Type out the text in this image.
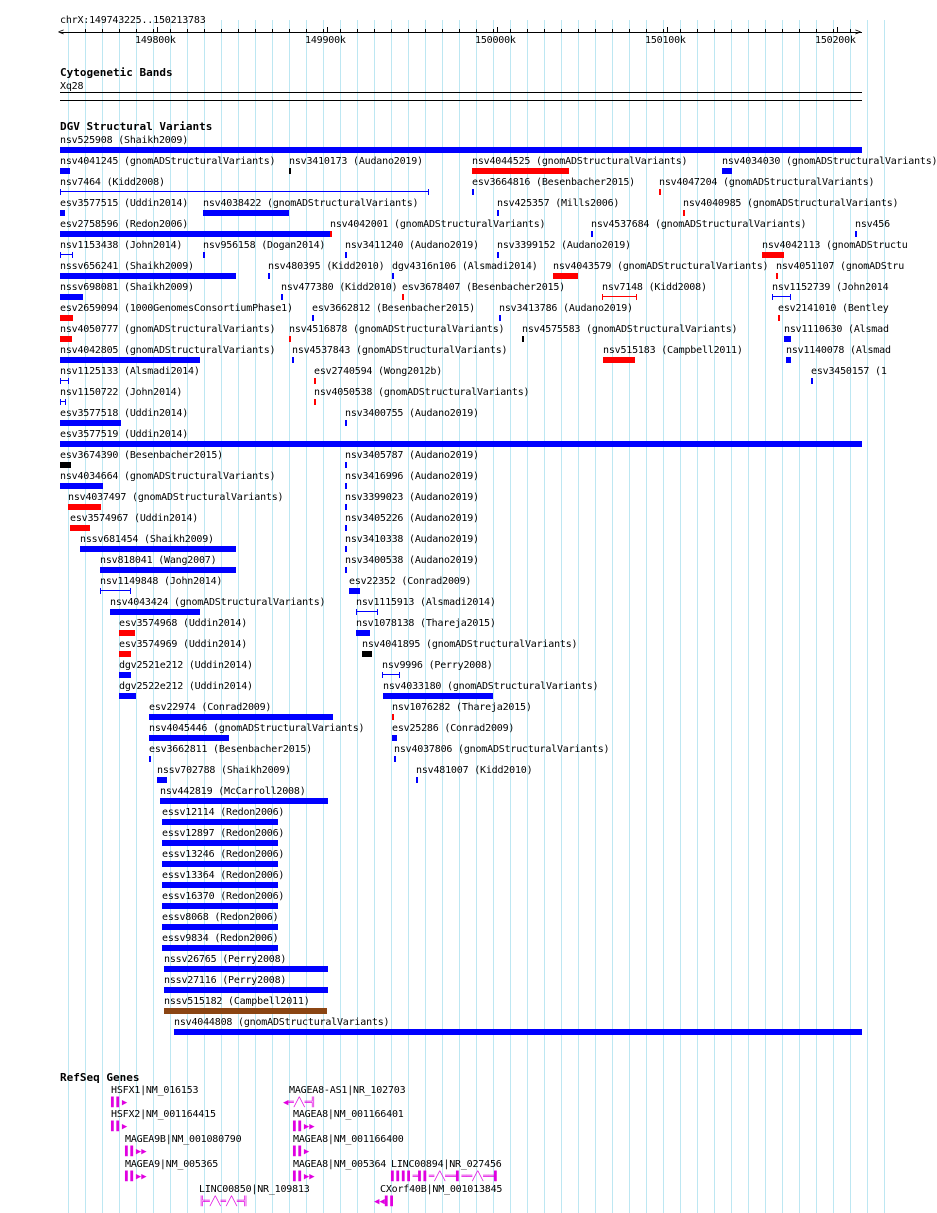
chrX:149743225..150213783
<	>
149800k	149900k	150000k	150100k	150200k
Cytogenetic Bands
Xq28
DGV Structural Variants
nsv525908 (Shaikh2009)
nsv4041245 (gnomADStructuralVariants) nsv3410173 (Audano2019)	nsv4044525 (gnomADStructuralVariants)	nsv4034030 (gnomADStructuralVariants)
nsv7464 (Kidd2008)	esv3664816 (Besenbacher2015) nsv4047204 (gnomADStructuralVariants)
esv3577515 (Uddin2014) nsv4038422 (gnomADStructuralVariants)	nsv425357 (Mills2006)	nsv4040985 (gnomADStructuralVariants)
esv2758596 (Redon2006)	nsv4042001 (gnomADStructuralVariants)	nsv4537684 (gnomADStructuralVariants)	nsv456
nsv1153438 (John2014) nsv956158 (Dogan2014) nsv3411240 (Audano2019) nsv3399152 (Audano2019)	nsv4042113 (gnomADStructu
nssv656241 (Shaikh2009)	nsv480395 (Kidd2010) dgv4316n106 (Alsmadi2014) nsv4043579 (gnomADStructuralVariants) nsv4051107 (gnomADStru
nssv698081 (Shaikh2009)	nsv477380 (Kidd2010) esv3678407 (Besenbacher2015)	nsv7148 (Kidd2008)	nsv1152739 (John2014
esv2659094 (1000GenomesConsortiumPhase1) esv3662812 (Besenbacher2015) nsv3413786 (Audano2019)	esv2141010 (Bentley
nsv4050777 (gnomADStructuralVariants) nsv4516878 (gnomADStructuralVariants) nsv4575583 (gnomADStructuralVariants)	nsv1110630 (Alsmad
nsv4042805 (gnomADStructuralVariants) nsv4537843 (gnomADStructuralVariants)	nsv515183 (Campbell2011)	nsv1140078 (Alsmad
nsv1125133 (Alsmadi2014)	esv2740594 (Wong2012b)	esv3450157 (1
nsv1150722 (John2014)	nsv4050538 (gnomADStructuralVariants)
esv3577518 (Uddin2014)	nsv3400755 (Audano2019)
esv3577519 (Uddin2014)
esv3674390 (Besenbacher2015)	nsv3405787 (Audano2019)
nsv4034664 (gnomADStructuralVariants)	nsv3416996 (Audano2019)
nsv4037497 (gnomADStructuralVariants)	nsv3399023 (Audano2019)
esv3574967 (Uddin2014)	nsv3405226 (Audano2019)
nssv681454 (Shaikh2009)	nsv3410338 (Audano2019)
nsv818041 (Wang2007)	nsv3400538 (Audano2019)
nsv1149848 (John2014)	esv22352 (Conrad2009)
nsv4043424 (gnomADStructuralVariants)	nsv1115913 (Alsmadi2014)
esv3574968 (Uddin2014)	nsv1078138 (Thareja2015)
esv3574969 (Uddin2014)	nsv4041895 (gnomADStructuralVariants)
dgv2521e212 (Uddin2014)	nsv9996 (Perry2008)
dgv2522e212 (Uddin2014)	nsv4033180 (gnomADStructuralVariants)
esv22974 (Conrad2009)	nsv1076282 (Thareja2015)
nsv4045446 (gnomADStructuralVariants)	esv25286 (Conrad2009)
esv3662811 (Besenbacher2015)	nsv4037806 (gnomADStructuralVariants)
nssv702788 (Shaikh2009)	nsv481007 (Kidd2010)
nsv442819 (McCarroll2008)
essv12114 (Redon2006)
essv12897 (Redon2006)
essv13246 (Redon2006)
essv13364 (Redon2006)
essv16370 (Redon2006)
essv8068 (Redon2006)
essv9834 (Redon2006)
nssv26765 (Perry2008)
nssv27116 (Perry2008)
nssv515182 (Campbell2011)
nsv4044808 (gnomADStructuralVariants)
RefSeq Genes
HSFX1|NM_016153
▌▌▶
HSFX2|NM_001164415
▌▌▶
MAGEA9B|NM_001080790
▌▌▶▶
MAGEA9|NM_005365
▌▌▶▶
LINC00850|NR_109813
╠═╱╲═╱╲═╣
MAGEA8-AS1|NR_102703
◀═╱╲═╣
MAGEA8|NM_001166401
▌▌▶▶
MAGEA8|NM_001166400
▌▌▶
MAGEA8|NM_005364
▌▌▶▶
LINC00894|NR_027456
▌▌▌▌═▌▌═╱╲══▌══╱╲══▌
CXorf40B|NM_001013845
◀◀▌▌
